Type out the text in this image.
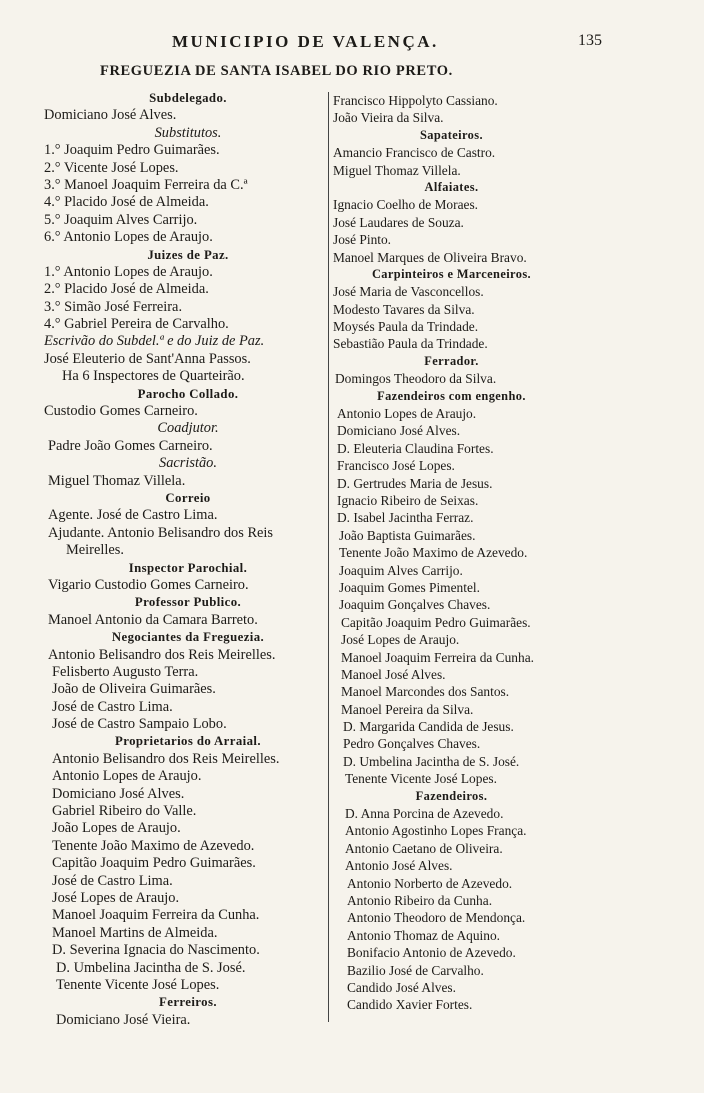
MUNICIPIO DE VALENÇA.	135
FREGUEZIA DE SANTA ISABEL DO RIO PRETO.
Subdelegado.
Domiciano José Alves.
Substitutos.
1.° Joaquim Pedro Guimarães.
2.° Vicente José Lopes.
3.° Manoel Joaquim Ferreira da C.ª
4.° Placido José de Almeida.
5.° Joaquim Alves Carrijo.
6.° Antonio Lopes de Araujo.
Juizes de Paz.
1.° Antonio Lopes de Araujo.
2.° Placido José de Almeida.
3.° Simão José Ferreira.
4.° Gabriel Pereira de Carvalho.
Escrivão do Subdel.ª e do Juiz de Paz.
José Eleuterio de Sant'Anna Passos.
Ha 6 Inspectores de Quarteirão.
Parocho Collado.
Custodio Gomes Carneiro.
Coadjutor.
Padre João Gomes Carneiro.
Sacristão.
Miguel Thomaz Villela.
Correio
Agente. José de Castro Lima.
Ajudante. Antonio Belisandro dos Reis
Meirelles.
Inspector Parochial.
Vigario Custodio Gomes Carneiro.
Professor Publico.
Manoel Antonio da Camara Barreto.
Negociantes da Freguezia.
Antonio Belisandro dos Reis Meirelles.
Felisberto Augusto Terra.
João de Oliveira Guimarães.
José de Castro Lima.
José de Castro Sampaio Lobo.
Proprietarios do Arraial.
Antonio Belisandro dos Reis Meirelles.
Antonio Lopes de Araujo.
Domiciano José Alves.
Gabriel Ribeiro do Valle.
João Lopes de Araujo.
Tenente João Maximo de Azevedo.
Capitão Joaquim Pedro Guimarães.
José de Castro Lima.
José Lopes de Araujo.
Manoel Joaquim Ferreira da Cunha.
Manoel Martins de Almeida.
D. Severina Ignacia do Nascimento.
D. Umbelina Jacintha de S. José.
Tenente Vicente José Lopes.
Ferreiros.
Domiciano José Vieira.
Francisco Hippolyto Cassiano.
João Vieira da Silva.
Sapateiros.
Amancio Francisco de Castro.
Miguel Thomaz Villela.
Alfaiates.
Ignacio Coelho de Moraes.
José Laudares de Souza.
José Pinto.
Manoel Marques de Oliveira Bravo.
Carpinteiros e Marceneiros.
José Maria de Vasconcellos.
Modesto Tavares da Silva.
Moysés Paula da Trindade.
Sebastião Paula da Trindade.
Ferrador.
Domingos Theodoro da Silva.
Fazendeiros com engenho.
Antonio Lopes de Araujo.
Domiciano José Alves.
D. Eleuteria Claudina Fortes.
Francisco José Lopes.
D. Gertrudes Maria de Jesus.
Ignacio Ribeiro de Seixas.
D. Isabel Jacintha Ferraz.
João Baptista Guimarães.
Tenente João Maximo de Azevedo.
Joaquim Alves Carrijo.
Joaquim Gomes Pimentel.
Joaquim Gonçalves Chaves.
Capitão Joaquim Pedro Guimarães.
José Lopes de Araujo.
Manoel Joaquim Ferreira da Cunha.
Manoel José Alves.
Manoel Marcondes dos Santos.
Manoel Pereira da Silva.
D. Margarida Candida de Jesus.
Pedro Gonçalves Chaves.
D. Umbelina Jacintha de S. José.
Tenente Vicente José Lopes.
Fazendeiros.
D. Anna Porcina de Azevedo.
Antonio Agostinho Lopes França.
Antonio Caetano de Oliveira.
Antonio José Alves.
Antonio Norberto de Azevedo.
Antonio Ribeiro da Cunha.
Antonio Theodoro de Mendonça.
Antonio Thomaz de Aquino.
Bonifacio Antonio de Azevedo.
Bazilio José de Carvalho.
Candido José Alves.
Candido Xavier Fortes.
